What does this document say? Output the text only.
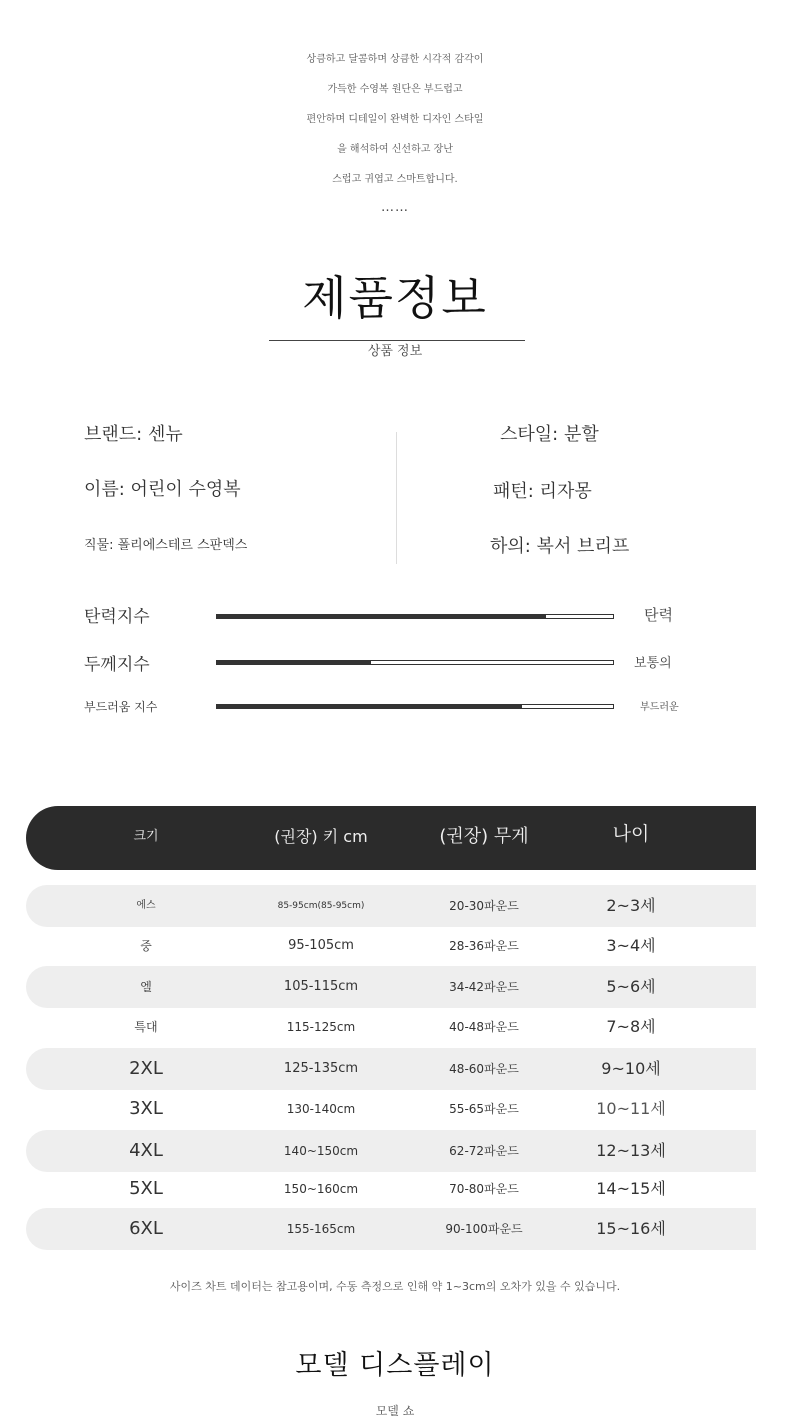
상큼하고 달콤하며 상큼한 시각적 감각이
가득한 수영복 원단은 부드럽고
편안하며 디테일이 완벽한 디자인 스타일
을 해석하여 신선하고 장난
스럽고 귀엽고 스마트합니다.
……
제품정보
상품 정보
브랜드: 센뉴
이름: 어린이 수영복
직물: 폴리에스테르 스판덱스
스타일: 분할
패턴: 리자몽
하의: 복서 브리프
탄력지수	탄력
두께지수	보통의
부드러움 지수	부드러운
크기	(권장) 키 cm	(권장) 무게	나이
에스	85-95cm(85-95cm)	20-30파운드	2~3세
중	95-105cm	28-36파운드	3~4세
엘	105-115cm	34-42파운드	5~6세
특대	115-125cm	40-48파운드	7~8세
2XL	125-135cm	48-60파운드	9~10세
3XL	130-140cm	55-65파운드	10~11세
4XL	140~150cm	62-72파운드	12~13세
5XL	150~160cm	70-80파운드	14~15세
6XL	155-165cm	90-100파운드	15~16세
사이즈 차트 데이터는 참고용이며, 수동 측정으로 인해 약 1~3cm의 오차가 있을 수 있습니다.
모델 디스플레이
모델 쇼
